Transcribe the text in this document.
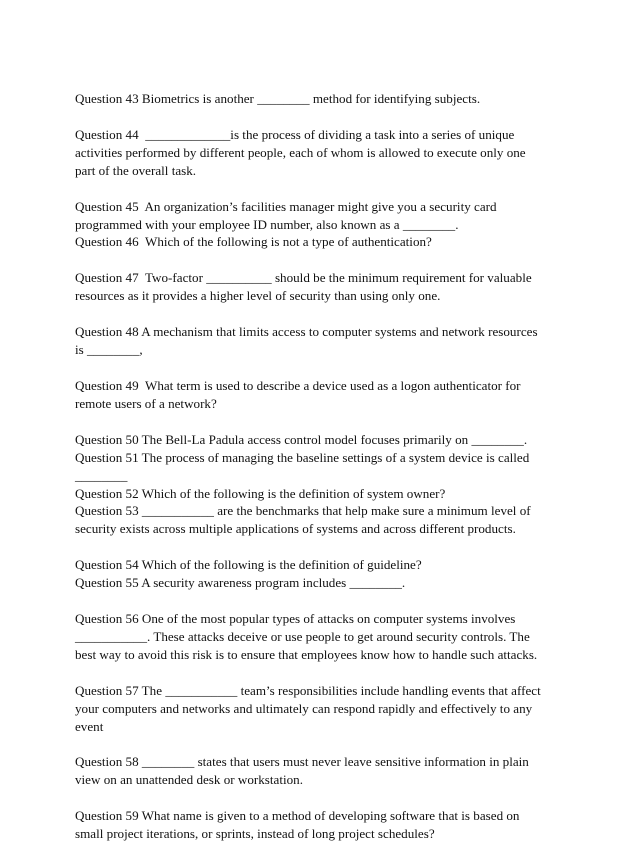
Question 43 Biometrics is another ________ method for identifying subjects.
Question 44  _____________is the process of dividing a task into a series of unique
activities performed by different people, each of whom is allowed to execute only one
part of the overall task.
Question 45  An organization’s facilities manager might give you a security card
programmed with your employee ID number, also known as a ________.
Question 46  Which of the following is not a type of authentication?
Question 47  Two-factor __________ should be the minimum requirement for valuable
resources as it provides a higher level of security than using only one.
Question 48 A mechanism that limits access to computer systems and network resources
is ________,
Question 49  What term is used to describe a device used as a logon authenticator for
remote users of a network?
Question 50 The Bell-La Padula access control model focuses primarily on ________.
Question 51 The process of managing the baseline settings of a system device is called
________
Question 52 Which of the following is the definition of system owner?
Question 53 ___________ are the benchmarks that help make sure a minimum level of
security exists across multiple applications of systems and across different products.
Question 54 Which of the following is the definition of guideline?
Question 55 A security awareness program includes ________.
Question 56 One of the most popular types of attacks on computer systems involves
___________. These attacks deceive or use people to get around security controls. The
best way to avoid this risk is to ensure that employees know how to handle such attacks.
Question 57 The ___________ team’s responsibilities include handling events that affect
your computers and networks and ultimately can respond rapidly and effectively to any
event
Question 58 ________ states that users must never leave sensitive information in plain
view on an unattended desk or workstation.
Question 59 What name is given to a method of developing software that is based on
small project iterations, or sprints, instead of long project schedules?
